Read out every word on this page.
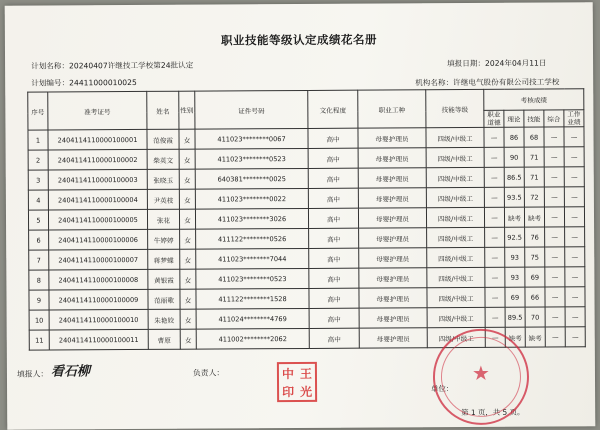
职业技能等级认定成绩花名册
计划名称：20240407许继技工学校第24批认定	填报日期：2024年04月11日
计划编号：24411000010025	机构名称：许继电气股份有限公司技工学校
序号	准考证号	姓名	性别	证件号码	文化程度	职业工种	技能等级	考核成绩				
								职业道德	理论	技能	综合	工作业绩
1	2404114110000100001	范俊霞	女	411023********0067	高中	母婴护理员	四级/中级工	—	86	68	—	—
2	2404114110000100002	柴英文	女	411023********0523	高中	母婴护理员	四级/中级工	—	90	71	—	—
3	2404114110000100003	张晓玉	女	640381********0025	高中	母婴护理员	四级/中级工	—	86.5	71	—	—
4	2404114110000100004	尹英枝	女	411023********0022	高中	母婴护理员	四级/中级工	—	93.5	72	—	—
5	2404114110000100005	张花	女	411023********3026	高中	母婴护理员	四级/中级工	—	缺考	缺考	—	—
6	2404114110000100006	牛婷婷	女	411122********0526	高中	母婴护理员	四级/中级工	—	92.5	76	—	—
7	2404114110000100007	蒋梦蝶	女	411023********7044	高中	母婴护理员	四级/中级工	—	93	75	—	—
8	2404114110000100008	黄银霞	女	411023********0523	高中	母婴护理员	四级/中级工	—	93	69	—	—
9	2404114110000100009	范丽歌	女	411122********1528	高中	母婴护理员	四级/中级工	—	69	66	—	—
10	2404114110000100010	朱艳姣	女	411024********4769	高中	母婴护理员	四级/中级工	—	89.5	70	—	—
11	2404114110000100011	曹原	女	411002********2062	高中	母婴护理员	四级/中级工	—	缺考	缺考	—	—
填报人： 看石柳	负责人：
单位：
第 1 页，共 5 页。
中 王
印 光
★
